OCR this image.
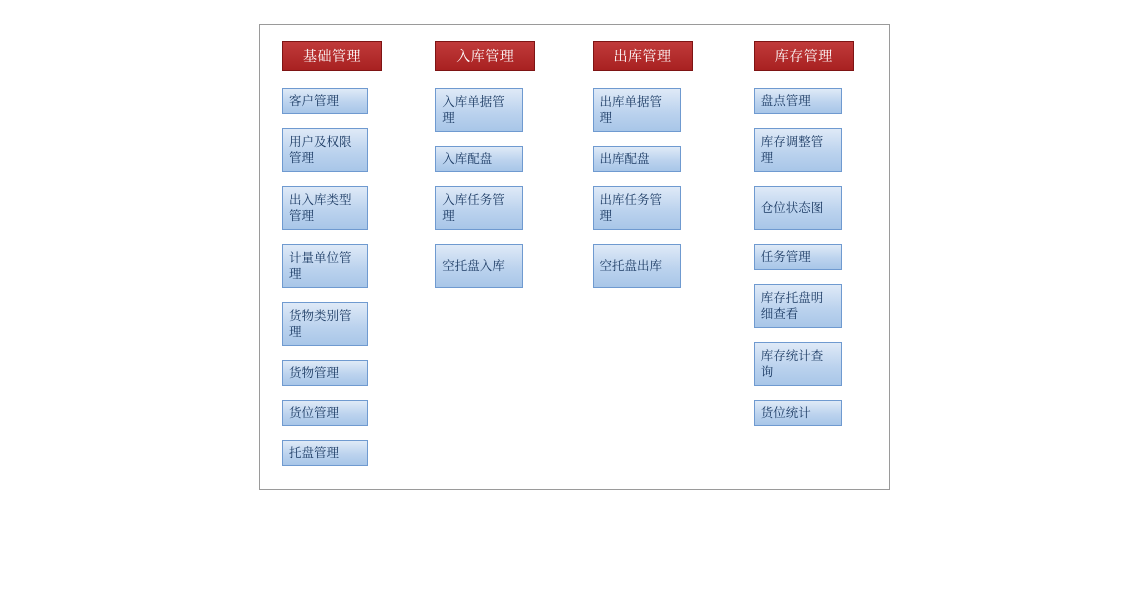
基础管理
客户管理
用户及权限管理
出入库类型管理
计量单位管理
货物类别管理
货物管理
货位管理
托盘管理
入库管理
入库单据管理
入库配盘
入库任务管理
空托盘入库
出库管理
出库单据管理
出库配盘
出库任务管理
空托盘出库
库存管理
盘点管理
库存调整管理
仓位状态图
任务管理
库存托盘明细查看
库存统计查询
货位统计
